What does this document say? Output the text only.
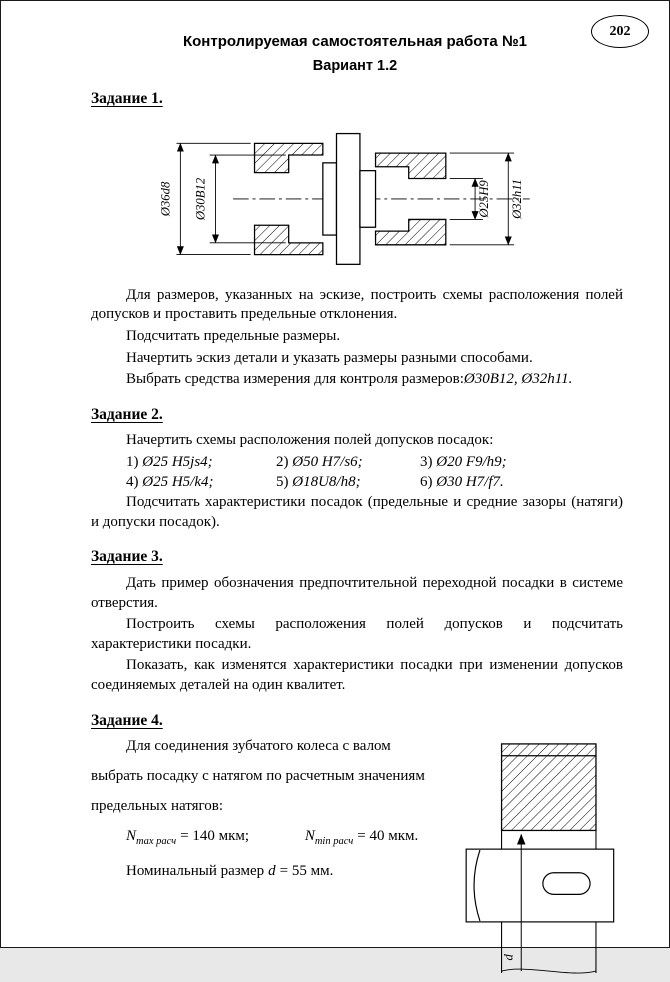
202
Контролируемая самостоятельная работа №1
Вариант 1.2
Задание 1.
Ø36d8 Ø30В12	Ø25Н9 Ø32h11

Для размеров, указанных на эскизе, построить схемы расположения полей допусков и проставить предельные отклонения.

Подсчитать предельные размеры.

Начертить эскиз детали и указать размеры разными способами.

Выбрать средства измерения для контроля размеров:Ø30В12, Ø32h11.

Задание 2.

Начертить схемы расположения полей допусков посадок:

1) Ø25 H5js4;	2) Ø50 H7/s6;	3) Ø20 F9/h9;
4) Ø25 H5/k4;	5) Ø18U8/h8;	6) Ø30 H7/f7.

Подсчитать характеристики посадок (предельные и средние зазоры (натяги) и допуски посадок).

Задание 3.

Дать пример обозначения предпочтительной переходной посадки в системе отверстия.

Построить схемы расположения полей допусков и подсчитать характеристики посадки.

Показать, как изменятся характеристики посадки при изменении допусков соединяемых деталей на один квалитет.

Задание 4.

Для соединения зубчатого колеса с валом

выбрать посадку с натягом по расчетным значениям

предельных натягов:

$N_{max расч} = 140$ мкм;	$N_{min расч} = 40$ мкм.

Номинальный размер d = 55 мм.

d
